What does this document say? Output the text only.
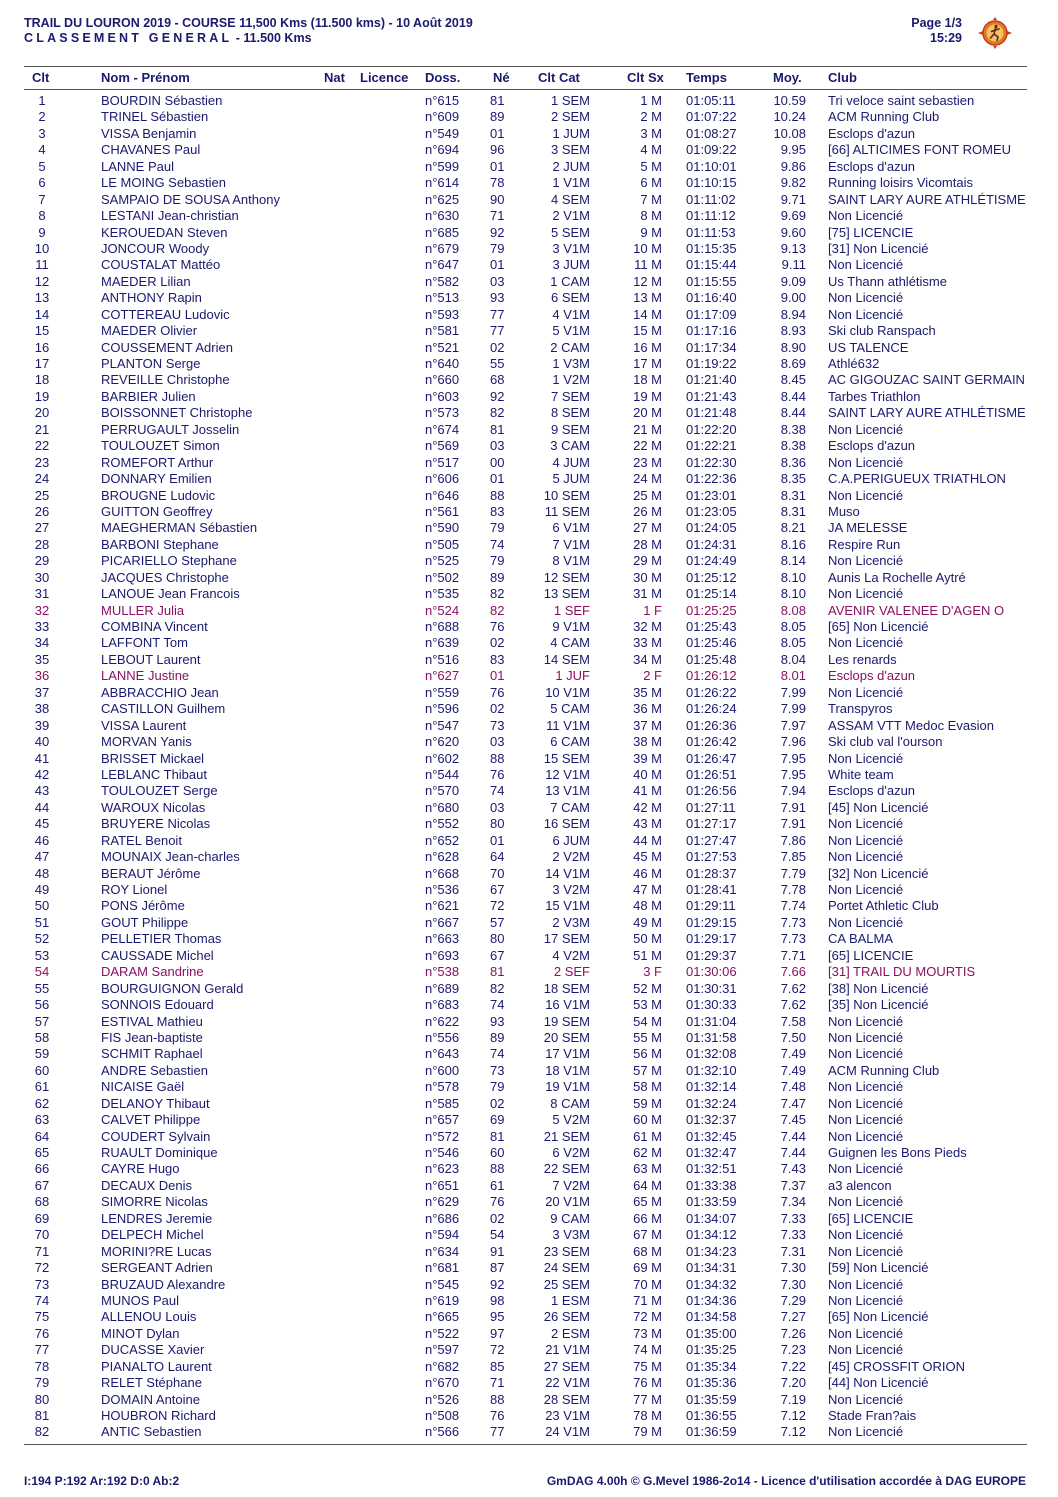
TRAIL DU LOURON 2019 - COURSE 11,500 Kms (11.500 kms) - 10 Août 2019
CLASSEMENT GENERAL - 11.500 Kms
Page 1/3
15:29
Clt	Nom - Prénom	Nat Licence Doss.	Né Clt Cat	Clt Sx Temps	Moy. Club
1	BOURDIN Sébastien	n°615 81	1 SEM	1 M 01:05:11	10.59 Tri veloce saint sebastien
2	TRINEL Sébastien	n°609 89	2 SEM	2 M 01:07:22	10.24 ACM Running Club
3	VISSA Benjamin	n°549 01	1 JUM	3 M 01:08:27	10.08 Esclops d'azun
4	CHAVANES Paul	n°694 96	3 SEM	4 M 01:09:22	9.95 [66] ALTICIMES FONT ROMEU
5	LANNE Paul	n°599 01	2 JUM	5 M 01:10:01	9.86 Esclops d'azun
6	LE MOING Sebastien	n°614 78	1 V1M	6 M 01:10:15	9.82 Running loisirs Vicomtais
7	SAMPAIO DE SOUSA Anthony	n°625 90	4 SEM	7 M 01:11:02	9.71 SAINT LARY AURE ATHLÉTISME
8	LESTANI Jean-christian	n°630 71	2 V1M	8 M 01:11:12	9.69 Non Licencié
9	KEROUEDAN Steven	n°685 92	5 SEM	9 M 01:11:53	9.60 [75] LICENCIE
10	JONCOUR Woody	n°679 79	3 V1M	10 M 01:15:35	9.13 [31] Non Licencié
11	COUSTALAT Mattéo	n°647 01	3 JUM	11 M 01:15:44	9.11 Non Licencié
12	MAEDER Lilian	n°582 03	1 CAM	12 M 01:15:55	9.09 Us Thann athlétisme
13	ANTHONY Rapin	n°513 93	6 SEM	13 M 01:16:40	9.00 Non Licencié
14	COTTEREAU Ludovic	n°593 77	4 V1M	14 M 01:17:09	8.94 Non Licencié
15	MAEDER Olivier	n°581 77	5 V1M	15 M 01:17:16	8.93 Ski club Ranspach
16	COUSSEMENT Adrien	n°521 02	2 CAM	16 M 01:17:34	8.90 US TALENCE
17	PLANTON Serge	n°640 55	1 V3M	17 M 01:19:22	8.69 Athlé632
18	REVEILLE Christophe	n°660 68	1 V2M	18 M 01:21:40	8.45 AC GIGOUZAC SAINT GERMAIN
19	BARBIER Julien	n°603 92	7 SEM	19 M 01:21:43	8.44 Tarbes Triathlon
20	BOISSONNET Christophe	n°573 82	8 SEM	20 M 01:21:48	8.44 SAINT LARY AURE ATHLÉTISME
21	PERRUGAULT Josselin	n°674 81	9 SEM	21 M 01:22:20	8.38 Non Licencié
22	TOULOUZET Simon	n°569 03	3 CAM	22 M 01:22:21	8.38 Esclops d'azun
23	ROMEFORT Arthur	n°517 00	4 JUM	23 M 01:22:30	8.36 Non Licencié
24	DONNARY Emilien	n°606 01	5 JUM	24 M 01:22:36	8.35 C.A.PERIGUEUX TRIATHLON
25	BROUGNE Ludovic	n°646 88	10 SEM	25 M 01:23:01	8.31 Non Licencié
26	GUITTON Geoffrey	n°561 83	11 SEM	26 M 01:23:05	8.31 Muso
27	MAEGHERMAN Sébastien	n°590 79	6 V1M	27 M 01:24:05	8.21 JA MELESSE
28	BARBONI Stephane	n°505 74	7 V1M	28 M 01:24:31	8.16 Respire Run
29	PICARIELLO Stephane	n°525 79	8 V1M	29 M 01:24:49	8.14 Non Licencié
30	JACQUES Christophe	n°502 89	12 SEM	30 M 01:25:12	8.10 Aunis La Rochelle Aytré
31	LANOUE Jean Francois	n°535 82	13 SEM	31 M 01:25:14	8.10 Non Licencié
32	MULLER Julia	n°524 82	1 SEF	1 F 01:25:25	8.08 AVENIR VALENEE D'AGEN O
33	COMBINA Vincent	n°688 76	9 V1M	32 M 01:25:43	8.05 [65] Non Licencié
34	LAFFONT Tom	n°639 02	4 CAM	33 M 01:25:46	8.05 Non Licencié
35	LEBOUT Laurent	n°516 83	14 SEM	34 M 01:25:48	8.04 Les renards
36	LANNE Justine	n°627 01	1 JUF	2 F 01:26:12	8.01 Esclops d'azun
37	ABBRACCHIO Jean	n°559 76	10 V1M	35 M 01:26:22	7.99 Non Licencié
38	CASTILLON Guilhem	n°596 02	5 CAM	36 M 01:26:24	7.99 Transpyros
39	VISSA Laurent	n°547 73	11 V1M	37 M 01:26:36	7.97 ASSAM VTT Medoc Evasion
40	MORVAN Yanis	n°620 03	6 CAM	38 M 01:26:42	7.96 Ski club val l'ourson
41	BRISSET Mickael	n°602 88	15 SEM	39 M 01:26:47	7.95 Non Licencié
42	LEBLANC Thibaut	n°544 76	12 V1M	40 M 01:26:51	7.95 White team
43	TOULOUZET Serge	n°570 74	13 V1M	41 M 01:26:56	7.94 Esclops d'azun
44	WAROUX Nicolas	n°680 03	7 CAM	42 M 01:27:11	7.91 [45] Non Licencié
45	BRUYERE Nicolas	n°552 80	16 SEM	43 M 01:27:17	7.91 Non Licencié
46	RATEL Benoit	n°652 01	6 JUM	44 M 01:27:47	7.86 Non Licencié
47	MOUNAIX Jean-charles	n°628 64	2 V2M	45 M 01:27:53	7.85 Non Licencié
48	BERAUT Jérôme	n°668 70	14 V1M	46 M 01:28:37	7.79 [32] Non Licencié
49	ROY Lionel	n°536 67	3 V2M	47 M 01:28:41	7.78 Non Licencié
50	PONS Jérôme	n°621 72	15 V1M	48 M 01:29:11	7.74 Portet Athletic Club
51	GOUT Philippe	n°667 57	2 V3M	49 M 01:29:15	7.73 Non Licencié
52	PELLETIER Thomas	n°663 80	17 SEM	50 M 01:29:17	7.73 CA BALMA
53	CAUSSADE Michel	n°693 67	4 V2M	51 M 01:29:37	7.71 [65] LICENCIE
54	DARAM Sandrine	n°538 81	2 SEF	3 F 01:30:06	7.66 [31] TRAIL DU MOURTIS
55	BOURGUIGNON Gerald	n°689 82	18 SEM	52 M 01:30:31	7.62 [38] Non Licencié
56	SONNOIS Edouard	n°683 74	16 V1M	53 M 01:30:33	7.62 [35] Non Licencié
57	ESTIVAL Mathieu	n°622 93	19 SEM	54 M 01:31:04	7.58 Non Licencié
58	FIS Jean-baptiste	n°556 89	20 SEM	55 M 01:31:58	7.50 Non Licencié
59	SCHMIT Raphael	n°643 74	17 V1M	56 M 01:32:08	7.49 Non Licencié
60	ANDRE Sebastien	n°600 73	18 V1M	57 M 01:32:10	7.49 ACM Running Club
61	NICAISE Gaël	n°578 79	19 V1M	58 M 01:32:14	7.48 Non Licencié
62	DELANOY Thibaut	n°585 02	8 CAM	59 M 01:32:24	7.47 Non Licencié
63	CALVET Philippe	n°657 69	5 V2M	60 M 01:32:37	7.45 Non Licencié
64	COUDERT Sylvain	n°572 81	21 SEM	61 M 01:32:45	7.44 Non Licencié
65	RUAULT Dominique	n°546 60	6 V2M	62 M 01:32:47	7.44 Guignen les Bons Pieds
66	CAYRE Hugo	n°623 88	22 SEM	63 M 01:32:51	7.43 Non Licencié
67	DECAUX Denis	n°651 61	7 V2M	64 M 01:33:38	7.37 a3 alencon
68	SIMORRE Nicolas	n°629 76	20 V1M	65 M 01:33:59	7.34 Non Licencié
69	LENDRES Jeremie	n°686 02	9 CAM	66 M 01:34:07	7.33 [65] LICENCIE
70	DELPECH Michel	n°594 54	3 V3M	67 M 01:34:12	7.33 Non Licencié
71	MORINI?RE Lucas	n°634 91	23 SEM	68 M 01:34:23	7.31 Non Licencié
72	SERGEANT Adrien	n°681 87	24 SEM	69 M 01:34:31	7.30 [59] Non Licencié
73	BRUZAUD Alexandre	n°545 92	25 SEM	70 M 01:34:32	7.30 Non Licencié
74	MUNOS Paul	n°619 98	1 ESM	71 M 01:34:36	7.29 Non Licencié
75	ALLENOU Louis	n°665 95	26 SEM	72 M 01:34:58	7.27 [65] Non Licencié
76	MINOT Dylan	n°522 97	2 ESM	73 M 01:35:00	7.26 Non Licencié
77	DUCASSE Xavier	n°597 72	21 V1M	74 M 01:35:25	7.23 Non Licencié
78	PIANALTO Laurent	n°682 85	27 SEM	75 M 01:35:34	7.22 [45] CROSSFIT ORION
79	RELET Stéphane	n°670 71	22 V1M	76 M 01:35:36	7.20 [44] Non Licencié
80	DOMAIN Antoine	n°526 88	28 SEM	77 M 01:35:59	7.19 Non Licencié
81	HOUBRON Richard	n°508 76	23 V1M	78 M 01:36:55	7.12 Stade Fran?ais
82	ANTIC Sebastien	n°566 77	24 V1M	79 M 01:36:59	7.12 Non Licencié
I:194 P:192 Ar:192 D:0 Ab:2	GmDAG 4.00h © G.Mevel 1986-2o14 - Licence d'utilisation accordée à DAG EUROPE
